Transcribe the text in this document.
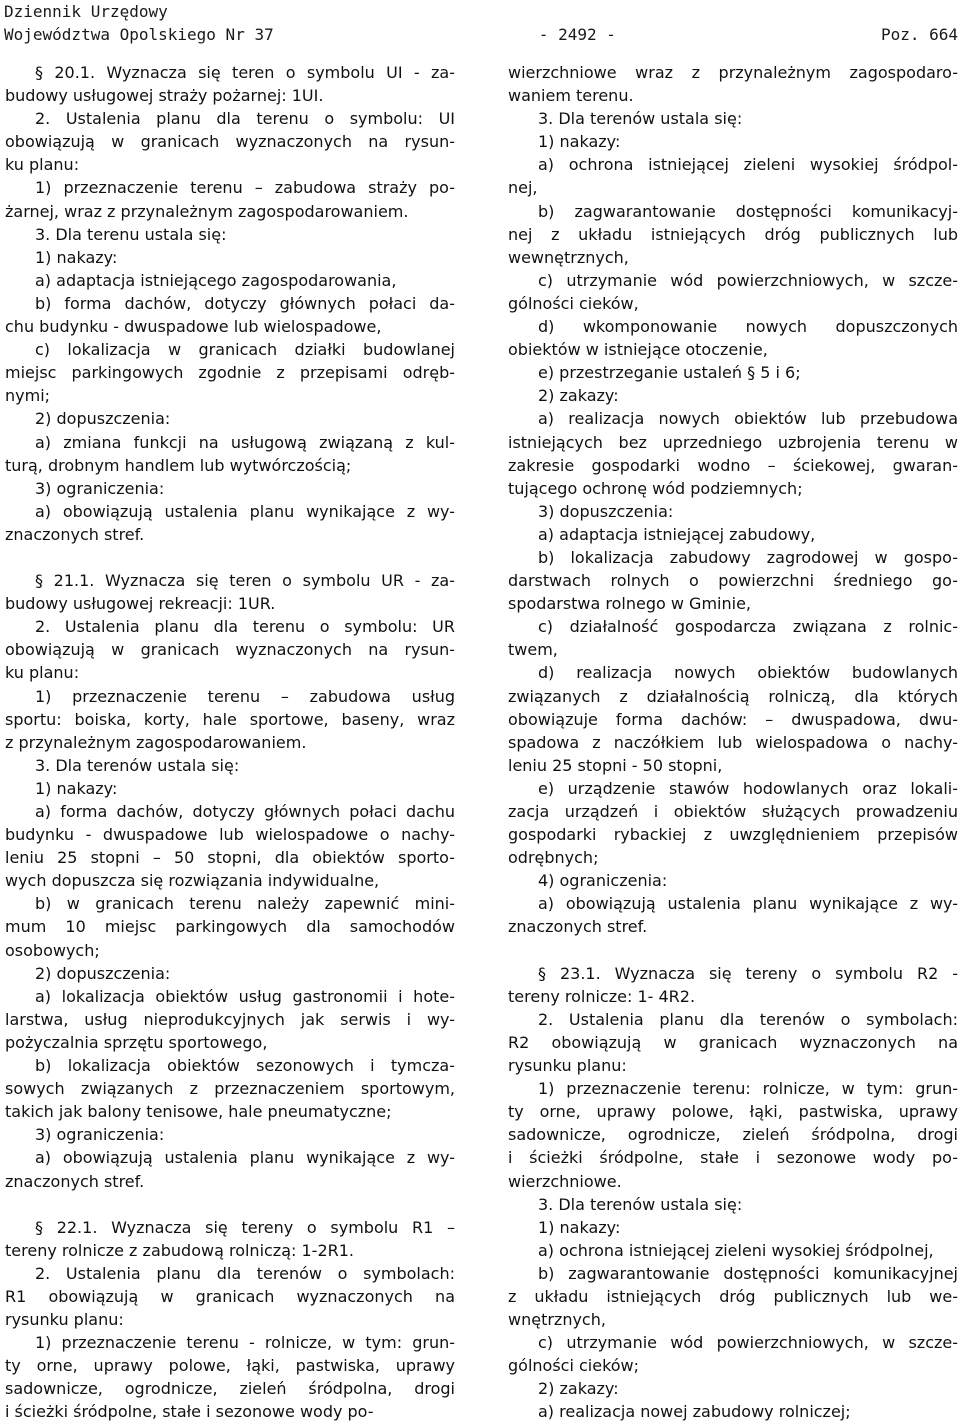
Dziennik Urzędowy
Województwa Opolskiego Nr 37	- 2492 -	Poz. 664
§ 20.1. Wyznacza się teren o symbolu UI - za-
budowy usługowej straży pożarnej: 1UI.
2. Ustalenia planu dla terenu o symbolu: UI
obowiązują w granicach wyznaczonych na rysun-
ku planu:
1) przeznaczenie terenu – zabudowa straży po-
żarnej, wraz z przynależnym zagospodarowaniem.
3. Dla terenu ustala się:
1) nakazy:
a) adaptacja istniejącego zagospodarowania,
b) forma dachów, dotyczy głównych połaci da-
chu budynku - dwuspadowe lub wielospadowe,
c) lokalizacja w granicach działki budowlanej
miejsc parkingowych zgodnie z przepisami odręb-
nymi;
2) dopuszczenia:
a) zmiana funkcji na usługową związaną z kul-
turą, drobnym handlem lub wytwórczością;
3) ograniczenia:
a) obowiązują ustalenia planu wynikające z wy-
znaczonych stref.
§ 21.1. Wyznacza się teren o symbolu UR - za-
budowy usługowej rekreacji: 1UR.
2. Ustalenia planu dla terenu o symbolu: UR
obowiązują w granicach wyznaczonych na rysun-
ku planu:
1) przeznaczenie terenu – zabudowa usług
sportu: boiska, korty, hale sportowe, baseny, wraz
z przynależnym zagospodarowaniem.
3. Dla terenów ustala się:
1) nakazy:
a) forma dachów, dotyczy głównych połaci dachu
budynku - dwuspadowe lub wielospadowe o nachy-
leniu 25 stopni – 50 stopni, dla obiektów sporto-
wych dopuszcza się rozwiązania indywidualne,
b) w granicach terenu należy zapewnić mini-
mum 10 miejsc parkingowych dla samochodów
osobowych;
2) dopuszczenia:
a) lokalizacja obiektów usług gastronomii i hote-
larstwa, usług nieprodukcyjnych jak serwis i wy-
pożyczalnia sprzętu sportowego,
b) lokalizacja obiektów sezonowych i tymcza-
sowych związanych z przeznaczeniem sportowym,
takich jak balony tenisowe, hale pneumatyczne;
3) ograniczenia:
a) obowiązują ustalenia planu wynikające z wy-
znaczonych stref.
§ 22.1. Wyznacza się tereny o symbolu R1 –
tereny rolnicze z zabudową rolniczą: 1-2R1.
2. Ustalenia planu dla terenów o symbolach:
R1 obowiązują w granicach wyznaczonych na
rysunku planu:
1) przeznaczenie terenu - rolnicze, w tym: grun-
ty orne, uprawy polowe, łąki, pastwiska, uprawy
sadownicze, ogrodnicze, zieleń śródpolna, drogi
i ścieżki śródpolne, stałe i sezonowe wody po-
wierzchniowe wraz z przynależnym zagospodaro-
waniem terenu.
3. Dla terenów ustala się:
1) nakazy:
a) ochrona istniejącej zieleni wysokiej śródpol-
nej,
b) zagwarantowanie dostępności komunikacyj-
nej z układu istniejących dróg publicznych lub
wewnętrznych,
c) utrzymanie wód powierzchniowych, w szcze-
gólności cieków,
d) wkomponowanie nowych dopuszczonych
obiektów w istniejące otoczenie,
e) przestrzeganie ustaleń § 5 i 6;
2) zakazy:
a) realizacja nowych obiektów lub przebudowa
istniejących bez uprzedniego uzbrojenia terenu w
zakresie gospodarki wodno – ściekowej, gwaran-
tującego ochronę wód podziemnych;
3) dopuszczenia:
a) adaptacja istniejącej zabudowy,
b) lokalizacja zabudowy zagrodowej w gospo-
darstwach rolnych o powierzchni średniego go-
spodarstwa rolnego w Gminie,
c) działalność gospodarcza związana z rolnic-
twem,
d) realizacja nowych obiektów budowlanych
związanych z działalnością rolniczą, dla których
obowiązuje forma dachów: – dwuspadowa, dwu-
spadowa z naczółkiem lub wielospadowa o nachy-
leniu 25 stopni - 50 stopni,
e) urządzenie stawów hodowlanych oraz lokali-
zacja urządzeń i obiektów służących prowadzeniu
gospodarki rybackiej z uwzględnieniem przepisów
odrębnych;
4) ograniczenia:
a) obowiązują ustalenia planu wynikające z wy-
znaczonych stref.
§ 23.1. Wyznacza się tereny o symbolu R2 -
tereny rolnicze: 1- 4R2.
2. Ustalenia planu dla terenów o symbolach:
R2 obowiązują w granicach wyznaczonych na
rysunku planu:
1) przeznaczenie terenu: rolnicze, w tym: grun-
ty orne, uprawy polowe, łąki, pastwiska, uprawy
sadownicze, ogrodnicze, zieleń śródpolna, drogi
i ścieżki śródpolne, stałe i sezonowe wody po-
wierzchniowe.
3. Dla terenów ustala się:
1) nakazy:
a) ochrona istniejącej zieleni wysokiej śródpolnej,
b) zagwarantowanie dostępności komunikacyjnej
z układu istniejących dróg publicznych lub we-
wnętrznych,
c) utrzymanie wód powierzchniowych, w szcze-
gólności cieków;
2) zakazy:
a) realizacja nowej zabudowy rolniczej;
